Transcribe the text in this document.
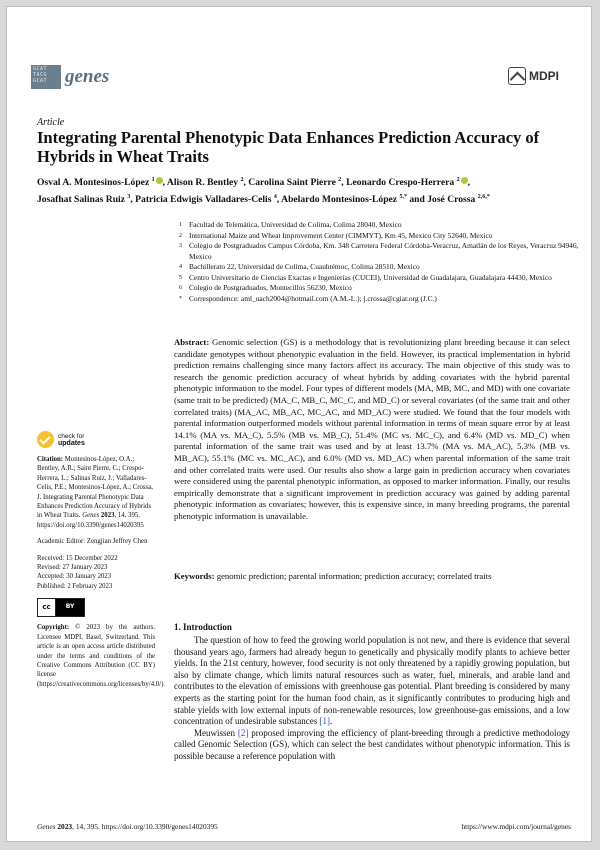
GCAT TACG GCAT genes	MDPI
Article
Integrating Parental Phenotypic Data Enhances Prediction Accuracy of Hybrids in Wheat Traits
Osval A. Montesinos-López $^1$ , Alison R. Bentley $^2$, Carolina Saint Pierre $^2$, Leonardo Crespo-Herrera $^2$ ,
Josafhat Salinas Ruiz $^3$, Patricia Edwigis Valladares-Celis $^4$, Abelardo Montesinos-López $^{5,*}$ and José Crossa $^{2,6,*}$
1 Facultad de Telemática, Universidad de Colima, Colima 28040, Mexico
2 International Maize and Wheat Improvement Center (CIMMYT), Km 45, Mexico City 52640, Mexico
3 Colegio de Postgraduados Campus Córdoba, Km. 348 Carretera Federal Córdoba-Veracruz, Amatlán de los Reyes, Veracruz 94946, Mexico
4 Bachillerato 22, Universidad de Colima, Cuauhtémoc, Colima 28510, Mexico
5 Centro Universitario de Ciencias Exactas e Ingenierías (CUCEI), Universidad de Guadalajara, Guadalajara 44430, Mexico
6 Colegio de Postgraduados, Montecillos 56230, Mexico
* Correspondence: aml_uach2004@hotmail.com (A.M.-L.); j.crossa@cgiar.org (J.C.)
Abstract: Genomic selection (GS) is a methodology that is revolutionizing plant breeding because it can select candidate genotypes without phenotypic evaluation in the field. However, its practical implementation in hybrid prediction remains challenging since many factors affect its accuracy. The main objective of this study was to research the genomic prediction accuracy of wheat hybrids by adding covariates with the hybrid parental phenotypic information to the model. Four types of different models (MA, MB, MC, and MD) with one covariate (same trait to be predicted) (MA_C, MB_C, MC_C, and MD_C) or several covariates (of the same trait and other correlated traits) (MA_AC, MB_AC, MC_AC, and MD_AC) were studied. We found that the four models with parental information outperformed models without parental information in terms of mean square error by at least 14.1% (MA vs. MA_C), 5.5% (MB vs. MB_C), 51.4% (MC vs. MC_C), and 6.4% (MD vs. MD_C) when parental information of the same trait was used and by at least 13.7% (MA vs. MA_AC), 5.3% (MB vs. MB_AC), 55.1% (MC vs. MC_AC), and 6.0% (MD vs. MD_AC) when parental information of the same trait and other correlated traits were used. Our results also show a large gain in prediction accuracy when covariates were considered using the parental phenotypic information, as opposed to marker information. Finally, our results empirically demonstrate that a significant improvement in prediction accuracy was gained by adding parental phenotypic information as covariates; however, this is expensive since, in many breeding programs, the parental phenotypic information is unavailable.
Keywords: genomic prediction; parental information; prediction accuracy; correlated traits
1. Introduction

The question of how to feed the growing world population is not new, and there is evidence that several thousand years ago, farmers had already begun to genetically and physically modify plants to achieve better yields. In the 21st century, however, food security is not only threatened by a rapidly growing population, but also by climate change, which limits natural resources such as water, fuel, minerals, and arable land and contributes to the elevation of emissions with greenhouse gas potential. Plant breeding is considered by many experts as the starting point for the human food chain, as it significantly contributes to producing high and stable yields with low external inputs of non-renewable resources, low greenhouse-gas emissions, and a low concentration of undesirable substances [1].

Meuwissen [2] proposed improving the efficiency of plant-breeding through a predictive methodology called Genomic Selection (GS), which can select the best candidates without phenotypic information. This is possible because a reference population with

check for
updates
Citation: Montesinos-López, O.A.; Bentley, A.R.; Saint Pierre, C.; Crespo-Herrera, L.; Salinas Ruiz, J.; Valladares-Celis, P.E.; Montesinos-López, A.; Crossa, J. Integrating Parental Phenotypic Data Enhances Prediction Accuracy of Hybrids in Wheat Traits. Genes 2023, 14, 395. https://doi.org/10.3390/genes14020395
Academic Editor: Zengjian Jeffrey Chen
Received: 15 December 2022
Revised: 27 January 2023
Accepted: 30 January 2023
Published: 2 February 2023
cc	BY
Copyright: © 2023 by the authors. Licensee MDPI, Basel, Switzerland. This article is an open access article distributed under the terms and conditions of the Creative Commons Attribution (CC BY) license (https://creativecommons.org/licenses/by/4.0/).
Genes 2023, 14, 395. https://doi.org/10.3390/genes14020395	https://www.mdpi.com/journal/genes
